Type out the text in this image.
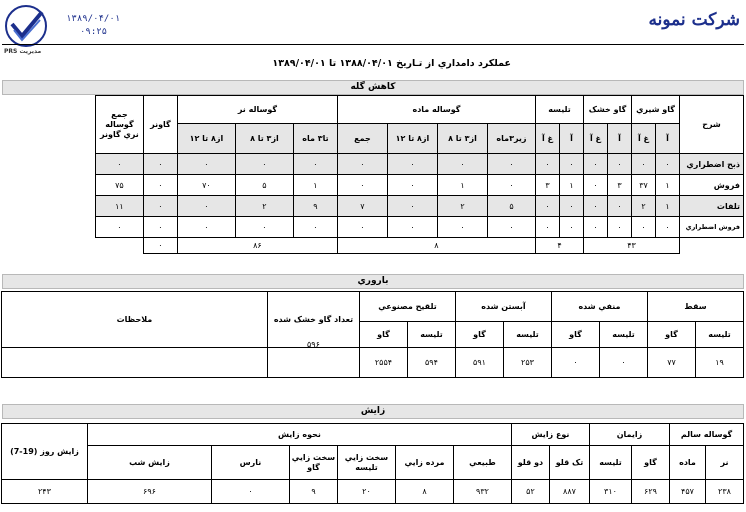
PRS مدیریت
۱۳۸۹/۰۴/۰۱
۰۹:۲۵
شرکت نمونه
عملکرد دامداري از تـاريخ ۱۳۸۸/۰۴/۰۱ تا ۱۳۸۹/۰۴/۰۱
کاهش گله
شرح	گاو شيري		گاو خشک		تليسه		گوساله ماده				گوساله نر			گاونر	جمع گوساله نري گاونر	
	آ	غ آ	آ	غ آ	آ	غ آ	زير۳ماه	از۳ تا ۸	از۸ تا ۱۲	جمع	تا۳ ماه	از۳ تا ۸	از۸ تا ۱۲			
ذبح اضطراري	۰	۰	۰	۰	۰	۰	۰	۰	۰	۰	۰	۰	۰	۰	۰	
فروش	۱	۳۷	۳	۰	۱	۳	۰	۱	۰	۰	۱	۵	۷۰	۰	۷۵	
تلفات	۱	۲	۰	۰	۰	۰	۵	۲	۰	۷	۹	۲	۰	۰	۱۱	
فروش اضطراري	۰	۰	۰	۰	۰	۰	۰	۰	۰	۰	۰	۰	۰	۰	۰	
	۴۳				۴		۸				۸۶			۰		
باروري
سقط		منفي شده		آبستن شده		تلقيح مصنوعي		تعداد گاو خشک شده	ملاحظات
تليسه	گاو	تليسه	گاو	تليسه	گاو	تليسه	گاو		
۱۹	۷۷	۰	۰	۲۵۳	۵۹۱	۵۹۴	۲۵۵۴	۵۹۶	
زايش
گوساله سالم		زايمان		نوع زايش		نحوه زايش						زايش روز (19-7)
نر	ماده	گاو	تليسه	تک قلو	دو قلو	طبيعي	مرده زايي	سخت زايي تليسه	سخت زايي گاو	نارس	زايش شب	
۲۳۸	۴۵۷	۶۲۹	۳۱۰	۸۸۷	۵۲	۹۳۲	۸	۲۰	۹	۰	۶۹۶	۲۴۳
